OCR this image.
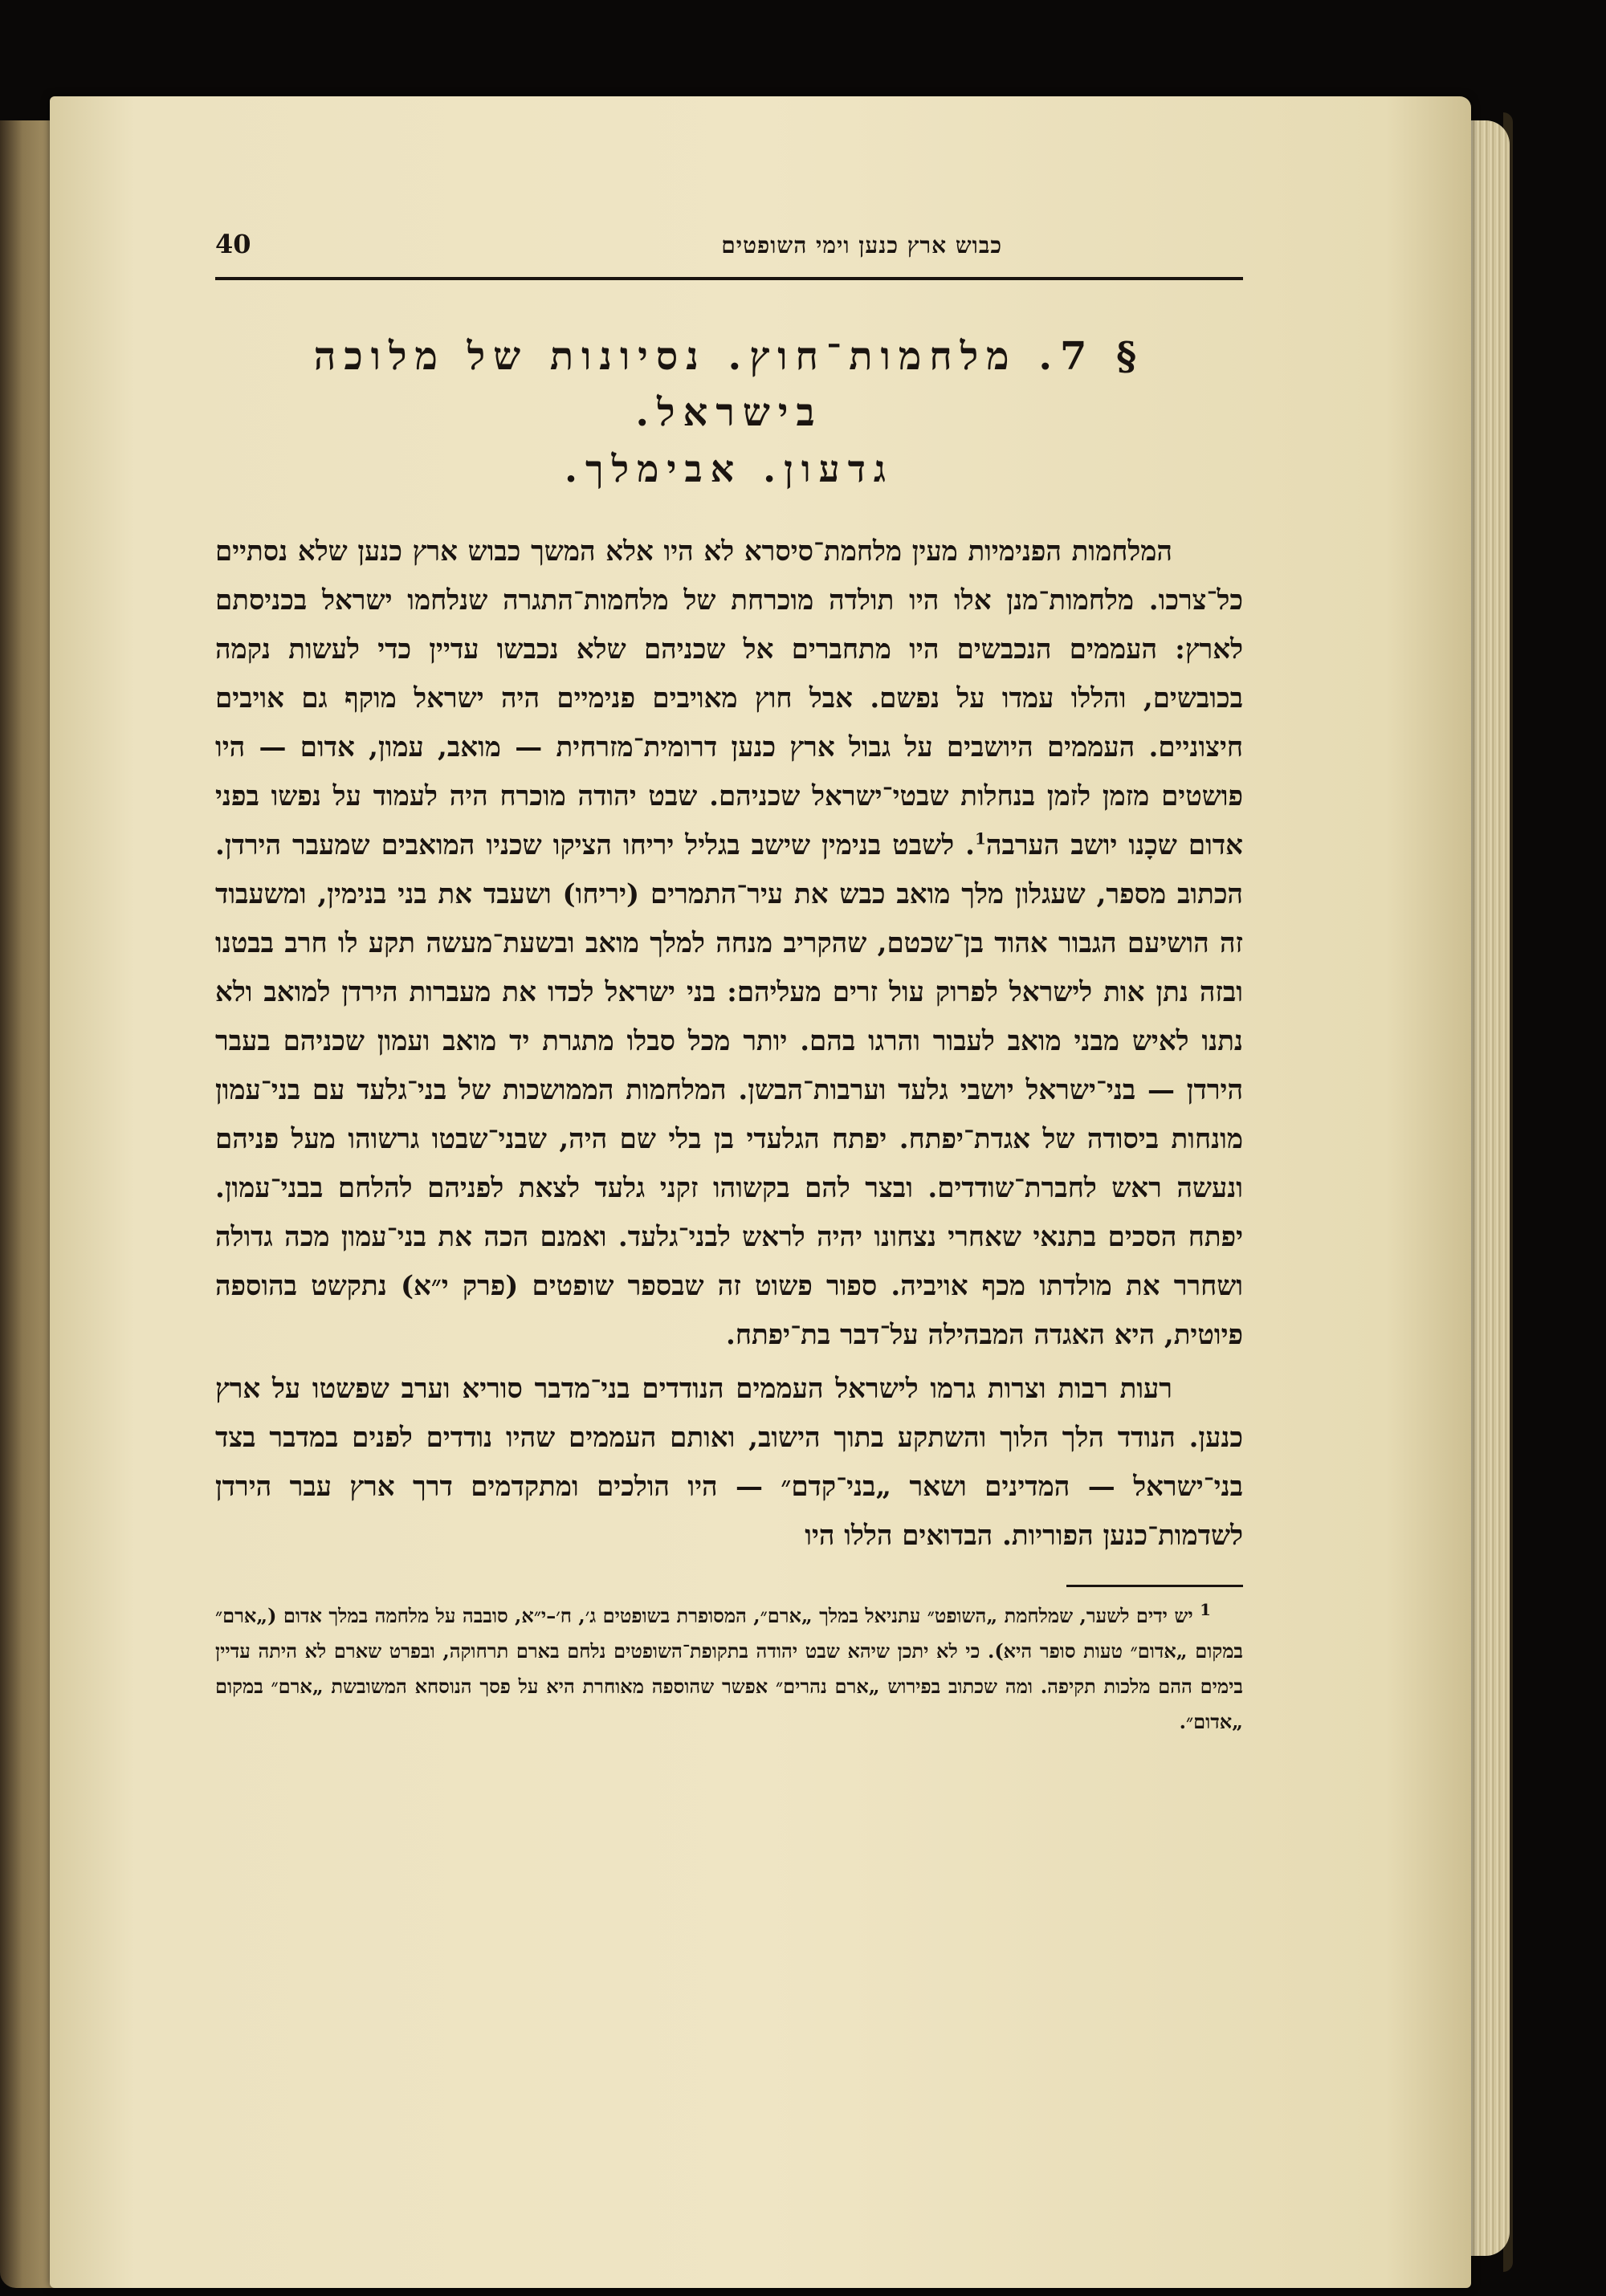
כבוש ארץ כנען וימי השופטים
40
§ 7. מלחמות־חוץ. נסיונות של מלוכה בישראל.
גדעון. אבימלך.

המלחמות הפנימיות מעין מלחמת־סיסרא לא היו אלא המשך כבוש ארץ כנען שלא נסתיים כל־צרכו. מלחמות־מנן אלו היו תולדה מוכרחת של מלחמות־התגרה שנלחמו ישראל בכניסתם לארץ: העממים הנכבשים היו מתחברים אל שכניהם שלא נכבשו עדיין כדי לעשות נקמה בכובשים, והללו עמדו על נפשם. אבל חוץ מאויבים פנימיים היה ישראל מוקף גם אויבים חיצוניים. העממים היושבים על גבול ארץ כנען דרומית־מזרחית — מואב, עמון, אדום — היו פושטים מזמן לזמן בנחלות שבטי־ישראל שכניהם. שבט יהודה מוכרח היה לעמוד על נפשו בפני אדום שכָנו יושב הערבה$^1$. לשבט בנימין שישב בגליל יריחו הציקו שכניו המואבים שמעבר הירדן. הכתוב מספר, שעגלון מלך מואב כבש את עיר־התמרים (יריחו) ושעבד את בני בנימין, ומשעבוד זה הושיעם הגבור אהוד בן־שכטם, שהקריב מנחה למלך מואב ובשעת־מעשה תקע לו חרב בבטנו ובזה נתן אות לישראל לפרוק עול זרים מעליהם: בני ישראל לכדו את מעברות הירדן למואב ולא נתנו לאיש מבני מואב לעבור והרגו בהם. יותר מכל סבלו מתגרת יד מואב ועמון שכניהם בעבר הירדן — בני־ישראל יושבי גלעד וערבות־הבשן. המלחמות הממושכות של בני־גלעד עם בני־עמון מונחות ביסודה של אגדת־יפתח. יפתח הגלעדי בן בלי שם היה, שבני־שבטו גרשוהו מעל פניהם ונעשה ראש לחברת־שודדים. ובצר להם בקשוהו זקני גלעד לצאת לפניהם להלחם בבני־עמון. יפתח הסכים בתנאי שאחרי נצחונו יהיה לראש לבני־גלעד. ואמנם הכה את בני־עמון מכה גדולה ושחרר את מולדתו מכף אויביה. ספור פשוט זה שבספר שופטים (פרק י״א) נתקשט בהוספה פיוטית, היא האגדה המבהילה על־דבר בת־יפתח.

רעות רבות וצרות גרמו לישראל העממים הנודדים בני־מדבר סוריא וערב שפשטו על ארץ כנען. הנודד הלך הלוך והשתקע בתוך הישוב, ואותם העממים שהיו נודדים לפנים במדבר בצד בני־ישראל — המדינים ושאר „בני־קדם״ — היו הולכים ומתקדמים דרך ארץ עבר הירדן לשדמות־כנען הפוריות. הבדואים הללו היו

$^1$ יש ידים לשער, שמלחמת „השופט״ עתניאל במלך „ארם״, המסופרת בשופטים ג׳, ח׳–י״א, סובבה על מלחמה במלך אדום („ארם״ במקום „אדום״ טעות סופר היא). כי לא יתכן שיהא שבט יהודה בתקופת־השופטים נלחם בארם תרחוקה, ובפרט שארם לא היתה עדיין בימים ההם מלכות תקיפה. ומה שכתוב בפירוש „ארם נהרים״ אפשר שהוספה מאוחרת היא על פסך הנוסחא המשובשת „ארם״ במקום „אדום״.
